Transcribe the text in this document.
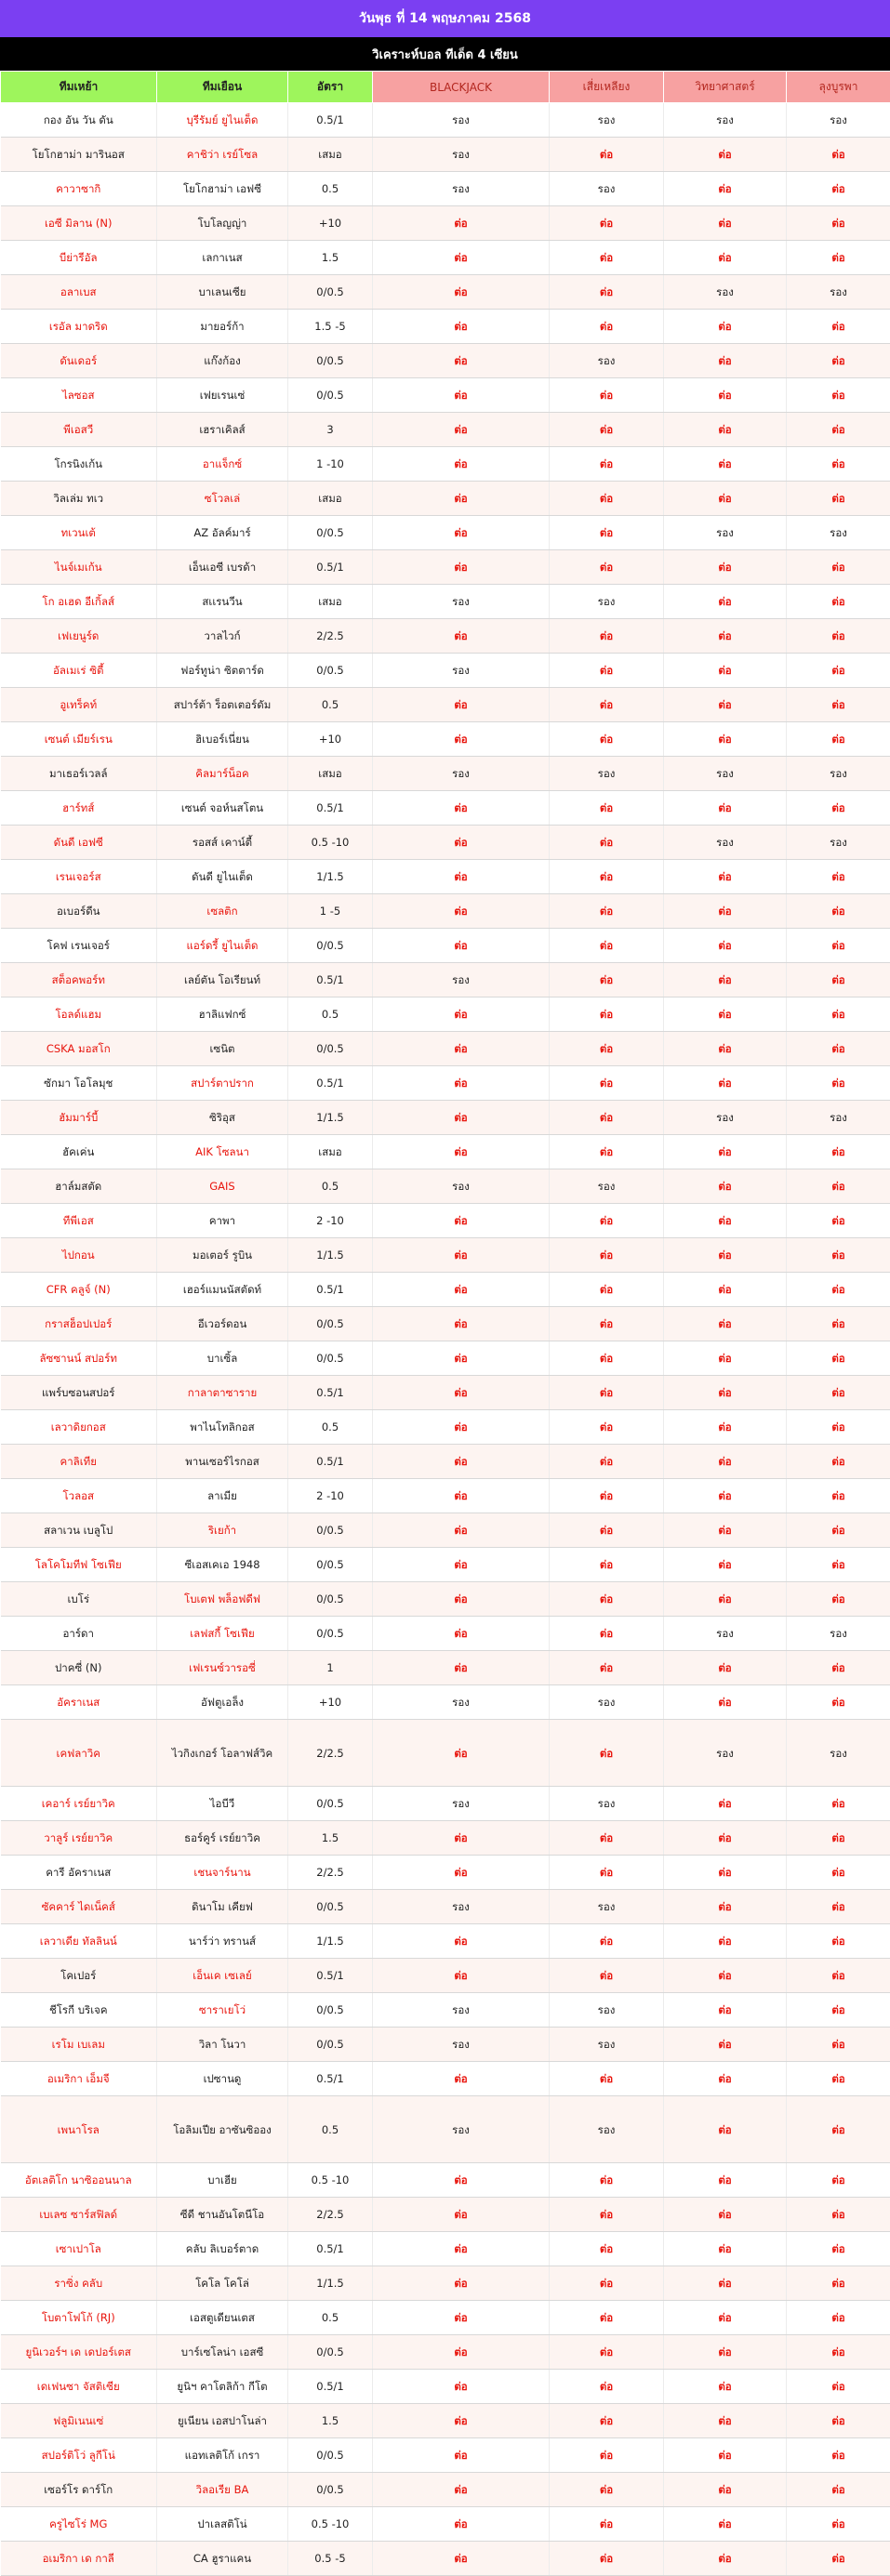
วันพุธ ที่ 14 พฤษภาคม 2568
วิเคราะห์บอล ทีเด็ด 4 เซียน
ทีมเหย้า	ทีมเยือน	อัตรา	BLACKJACK	เสี่ยเหลียง	วิทยาศาสตร์	ลุงบูรพา
กอง อัน วัน ดัน	บุรีรัมย์ ยูไนเต็ด	0.5/1	รอง	รอง	รอง	รอง
โยโกฮาม่า มารินอส	คาชิว่า เรย์โซล	เสมอ	รอง	ต่อ	ต่อ	ต่อ
คาวาซากิ	โยโกฮาม่า เอฟซี	0.5	รอง	รอง	ต่อ	ต่อ
เอซี มิลาน (N)	โบโลญญ่า	+10	ต่อ	ต่อ	ต่อ	ต่อ
บีย่ารีอัล	เลกาเนส	1.5	ต่อ	ต่อ	ต่อ	ต่อ
อลาเบส	บาเลนเซีย	0/0.5	ต่อ	ต่อ	รอง	รอง
เรอัล มาดริด	มายอร์ก้า	1.5 -5	ต่อ	ต่อ	ต่อ	ต่อ
ดันเดอร์	แก๊งก้อง	0/0.5	ต่อ	รอง	ต่อ	ต่อ
ไลซอส	เฟยเรนเซ่	0/0.5	ต่อ	ต่อ	ต่อ	ต่อ
พีเอสวี	เฮราเคิลส์	3	ต่อ	ต่อ	ต่อ	ต่อ
โกรนิงเก้น	อาแจ็กซ์	1 -10	ต่อ	ต่อ	ต่อ	ต่อ
วิลเล่ม ทเว	ซโวลเล่	เสมอ	ต่อ	ต่อ	ต่อ	ต่อ
ทเวนเต้	AZ อัลค์มาร์	0/0.5	ต่อ	ต่อ	รอง	รอง
ไนจ์เมเก้น	เอ็นเอซี เบรด้า	0.5/1	ต่อ	ต่อ	ต่อ	ต่อ
โก อเฮด อีเกิ้ลส์	สเเรนวีน	เสมอ	รอง	รอง	ต่อ	ต่อ
เฟเยนูร์ด	วาลไวก์	2/2.5	ต่อ	ต่อ	ต่อ	ต่อ
อัลเมเร่ ซิตี้	ฟอร์ทูน่า ซิตตาร์ด	0/0.5	รอง	ต่อ	ต่อ	ต่อ
อูเทร็คท์	สปาร์ต้า ร็อตเตอร์ดัม	0.5	ต่อ	ต่อ	ต่อ	ต่อ
เซนต์ เมียร์เรน	ฮิเบอร์เนี่ยน	+10	ต่อ	ต่อ	ต่อ	ต่อ
มาเธอร์เวลล์	คิลมาร์น็อค	เสมอ	รอง	รอง	รอง	รอง
ฮาร์ทส์	เซนต์ จอห์นสโตน	0.5/1	ต่อ	ต่อ	ต่อ	ต่อ
ดันดี เอฟซี	รอสส์ เคาน์ตี้	0.5 -10	ต่อ	ต่อ	รอง	รอง
เรนเจอร์ส	ดันดี ยูไนเต็ด	1/1.5	ต่อ	ต่อ	ต่อ	ต่อ
อเบอร์ดีน	เซลติก	1 -5	ต่อ	ต่อ	ต่อ	ต่อ
โคฟ เรนเจอร์	แอร์ดรี้ ยูไนเต็ด	0/0.5	ต่อ	ต่อ	ต่อ	ต่อ
สต็อคพอร์ท	เลย์ตัน โอเรียนท์	0.5/1	รอง	ต่อ	ต่อ	ต่อ
โอลด์แฮม	ฮาลิแฟกซ์	0.5	ต่อ	ต่อ	ต่อ	ต่อ
CSKA มอสโก	เซนิต	0/0.5	ต่อ	ต่อ	ต่อ	ต่อ
ซักมา โอโลมุช	สปาร์ตาปราก	0.5/1	ต่อ	ต่อ	ต่อ	ต่อ
ฮัมมาร์บี้	ซิริอุส	1/1.5	ต่อ	ต่อ	รอง	รอง
ฮัคเค่น	AIK โซลนา	เสมอ	ต่อ	ต่อ	ต่อ	ต่อ
ฮาล์มสตัด	GAIS	0.5	รอง	รอง	ต่อ	ต่อ
ทีพีเอส	คาพา	2 -10	ต่อ	ต่อ	ต่อ	ต่อ
ไปกอน	มอเตอร์ รูบิน	1/1.5	ต่อ	ต่อ	ต่อ	ต่อ
CFR คลูจ์ (N)	เฮอร์แมนนัสตัดท์	0.5/1	ต่อ	ต่อ	ต่อ	ต่อ
กราสฮ็อปเปอร์	อีเวอร์ดอน	0/0.5	ต่อ	ต่อ	ต่อ	ต่อ
ลัซซานน์ สปอร์ท	บาเซิ้ล	0/0.5	ต่อ	ต่อ	ต่อ	ต่อ
แพร์บซอนสปอร์	กาลาตาซาราย	0.5/1	ต่อ	ต่อ	ต่อ	ต่อ
เลวาดิยกอส	พาไนโทลิกอส	0.5	ต่อ	ต่อ	ต่อ	ต่อ
คาลิเทีย	พานเซอร์ไรกอส	0.5/1	ต่อ	ต่อ	ต่อ	ต่อ
โวลอส	ลาเมีย	2 -10	ต่อ	ต่อ	ต่อ	ต่อ
สลาเวน เบลูโป	ริเยก้า	0/0.5	ต่อ	ต่อ	ต่อ	ต่อ
โลโคโมทีฟ โซเฟีย	ซีเอสเคเอ 1948	0/0.5	ต่อ	ต่อ	ต่อ	ต่อ
เบโร่	โบเตฟ พล็อฟดีฟ	0/0.5	ต่อ	ต่อ	ต่อ	ต่อ
อาร์ดา	เลฟสกี้ โซเฟีย	0/0.5	ต่อ	ต่อ	รอง	รอง
ปาคซี่ (N)	เฟเรนซ์วารอซี่	1	ต่อ	ต่อ	ต่อ	ต่อ
อัคราเนส	อัฟตูเอล็ง	+10	รอง	รอง	ต่อ	ต่อ
เคฟลาวิค	ไวกิงเกอร์ โอลาฟส์วิค	2/2.5	ต่อ	ต่อ	รอง	รอง
เคอาร์ เรย์ยาวิค	ไอบีวี	0/0.5	รอง	รอง	ต่อ	ต่อ
วาลูร์ เรย์ยาวิค	ธอร์คูร์ เรย์ยาวิค	1.5	ต่อ	ต่อ	ต่อ	ต่อ
คารี อัคราเนส	เชนจาร์นาน	2/2.5	ต่อ	ต่อ	ต่อ	ต่อ
ซัคคาร์ ไดเน็คส์	ดินาโม เคียฟ	0/0.5	รอง	รอง	ต่อ	ต่อ
เลวาเดีย ทัลลินน์	นาร์ว่า ทรานส์	1/1.5	ต่อ	ต่อ	ต่อ	ต่อ
โคเปอร์	เอ็นเค เซเลย์	0.5/1	ต่อ	ต่อ	ต่อ	ต่อ
ชีโรกี บริเจค	ซาราเยโว่	0/0.5	รอง	รอง	ต่อ	ต่อ
เรโม เบเลม	วิลา โนวา	0/0.5	รอง	รอง	ต่อ	ต่อ
อเมริกา เอ็มจี	เปซานดู	0.5/1	ต่อ	ต่อ	ต่อ	ต่อ
เพนาโรล	โอลิมเปีย อาซันซิออง	0.5	รอง	รอง	ต่อ	ต่อ
อัตเลติโก นาซิออนนาล	บาเฮีย	0.5 -10	ต่อ	ต่อ	ต่อ	ต่อ
เบเลซ ซาร์สฟิลด์	ซีดี ชานอันโตนีโอ	2/2.5	ต่อ	ต่อ	ต่อ	ต่อ
เซาเปาโล	คลับ ลิเบอร์ตาด	0.5/1	ต่อ	ต่อ	ต่อ	ต่อ
ราซิ่ง คลับ	โคโล โคโล่	1/1.5	ต่อ	ต่อ	ต่อ	ต่อ
โบตาโฟโก้ (RJ)	เอสตูเดียนเตส	0.5	ต่อ	ต่อ	ต่อ	ต่อ
ยูนิเวอร์ฯ เด เดปอร์เตส	บาร์เซโลน่า เอสซี	0/0.5	ต่อ	ต่อ	ต่อ	ต่อ
เดเฟนซา จัสติเซีย	ยูนิฯ คาโตลิก้า กีโต	0.5/1	ต่อ	ต่อ	ต่อ	ต่อ
ฟลูมิเนนเซ่	ยูเนียน เอสปาโนล่า	1.5	ต่อ	ต่อ	ต่อ	ต่อ
สปอร์ติโว่ ลูกีโน่	แอทเลติโก้ เกรา	0/0.5	ต่อ	ต่อ	ต่อ	ต่อ
เซอร์โร ดาร์โก	วิลอเรีย BA	0/0.5	ต่อ	ต่อ	ต่อ	ต่อ
ครูไซโร่ MG	ปาเลสติโน่	0.5 -10	ต่อ	ต่อ	ต่อ	ต่อ
อเมริกา เด กาลี	CA ฮูราแคน	0.5 -5	ต่อ	ต่อ	ต่อ	ต่อ
